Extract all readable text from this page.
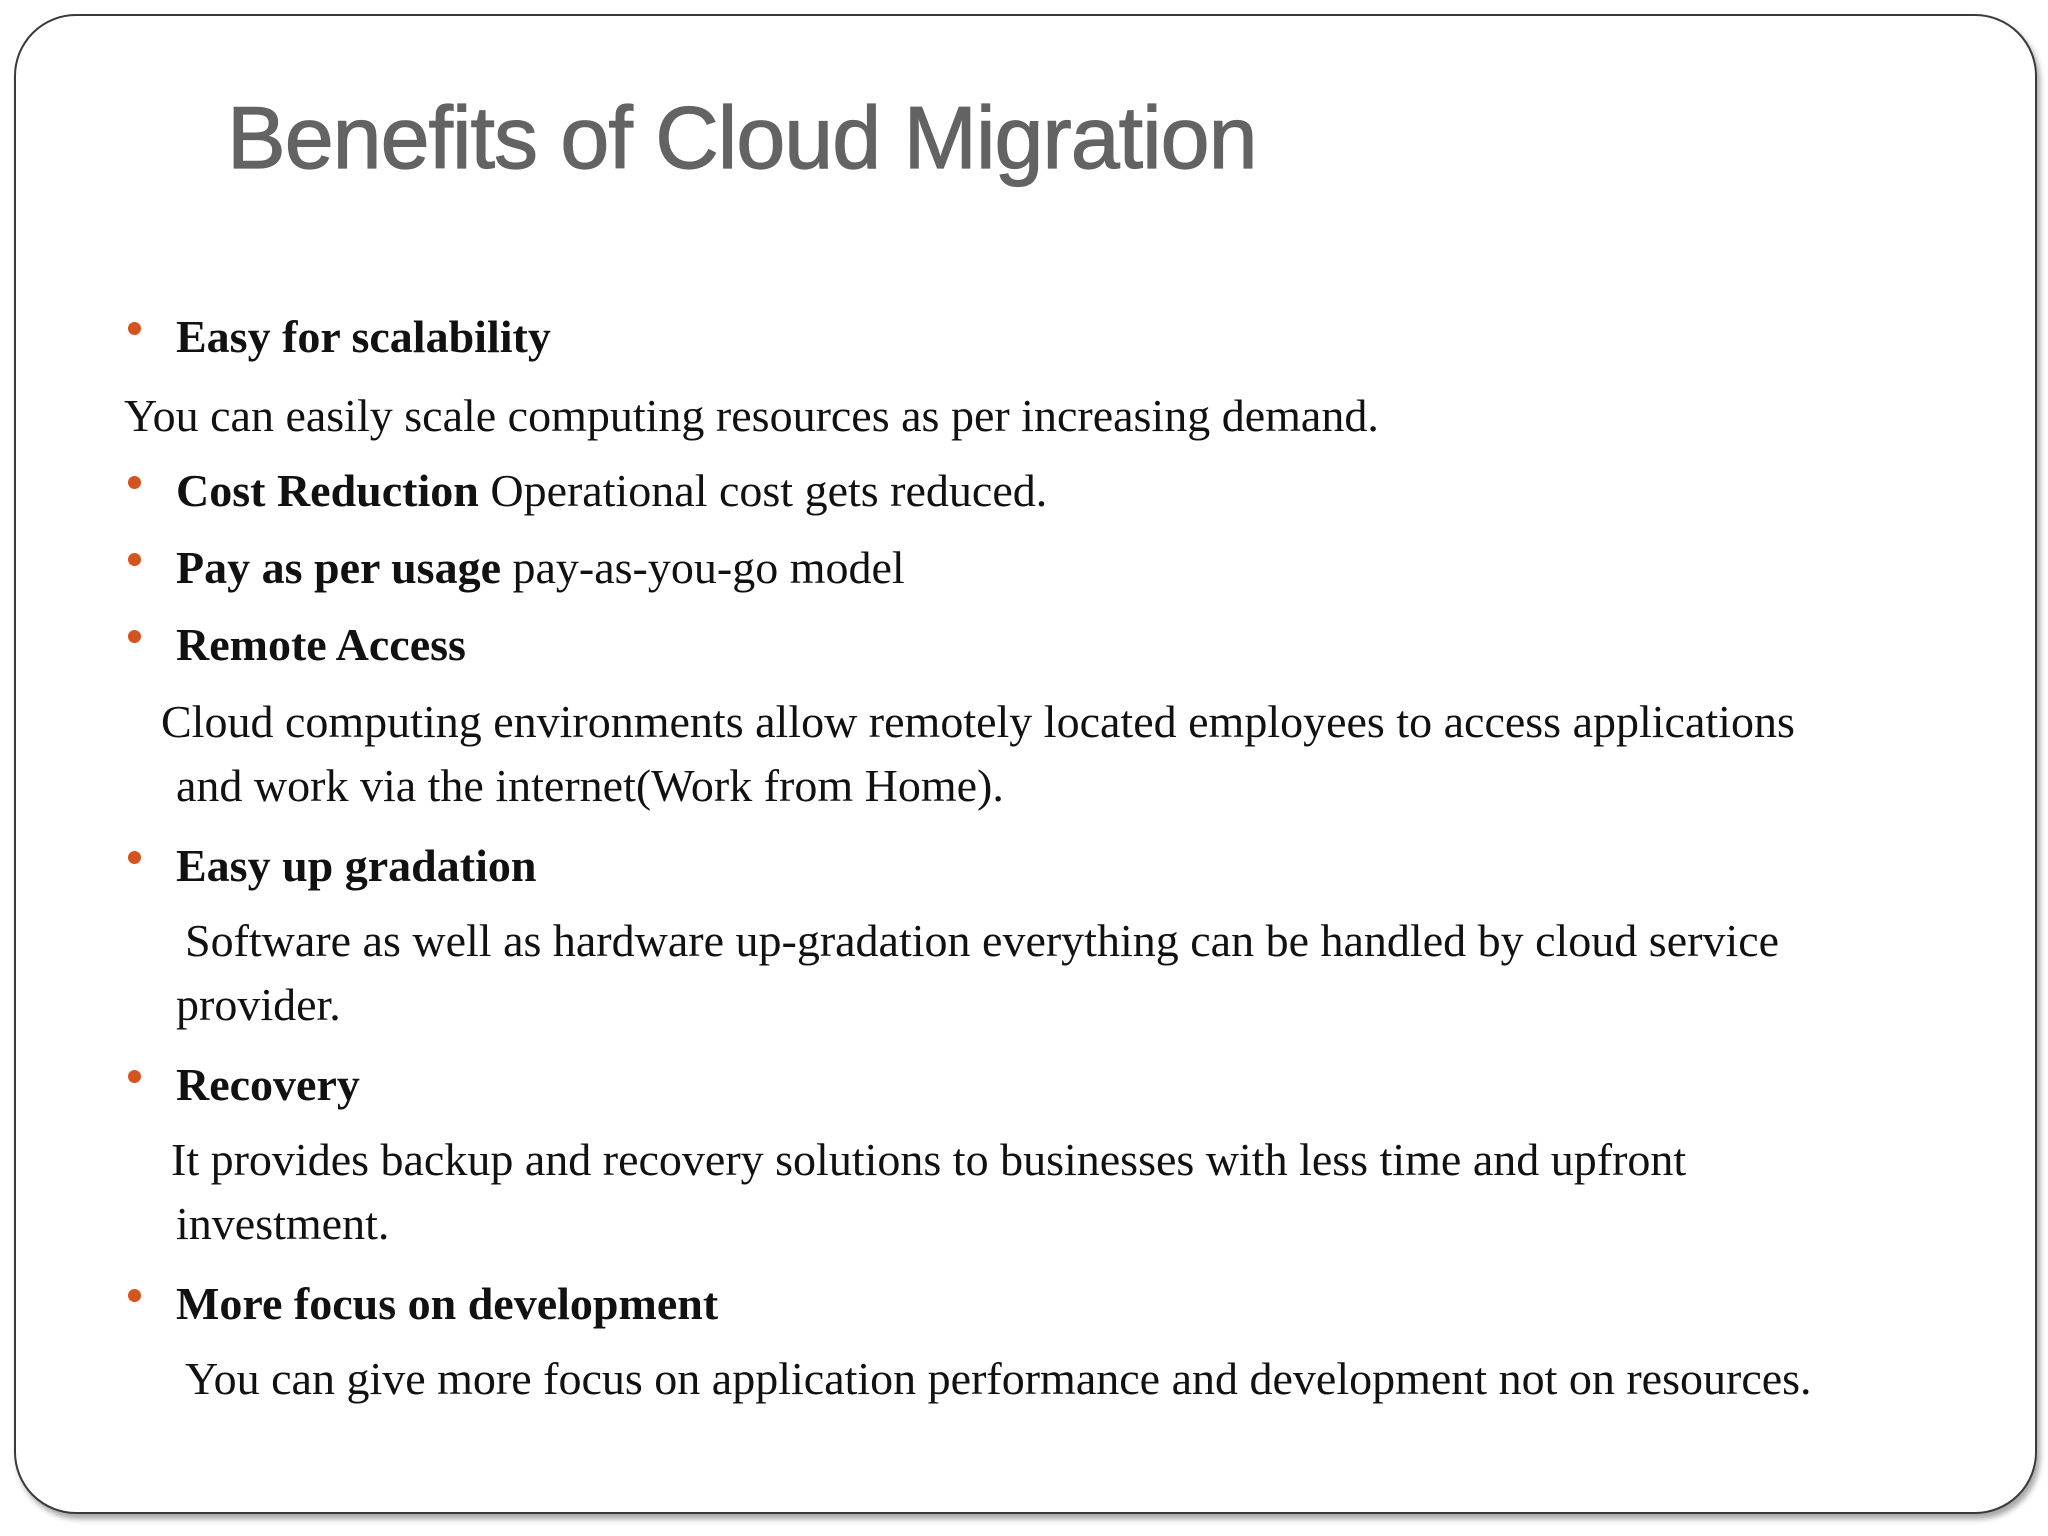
Benefits of Cloud Migration
Easy for scalability
You can easily scale computing resources as per increasing demand.
Cost Reduction Operational cost gets reduced.
Pay as per usage pay-as-you-go model
Remote Access
Cloud computing environments allow remotely located employees to access applications
and work via the internet(Work from Home).
Easy up gradation
Software as well as hardware up-gradation everything can be handled by cloud service
provider.
Recovery
It provides backup and recovery solutions to businesses with less time and upfront
investment.
More focus on development
You can give more focus on application performance and development not on resources.
